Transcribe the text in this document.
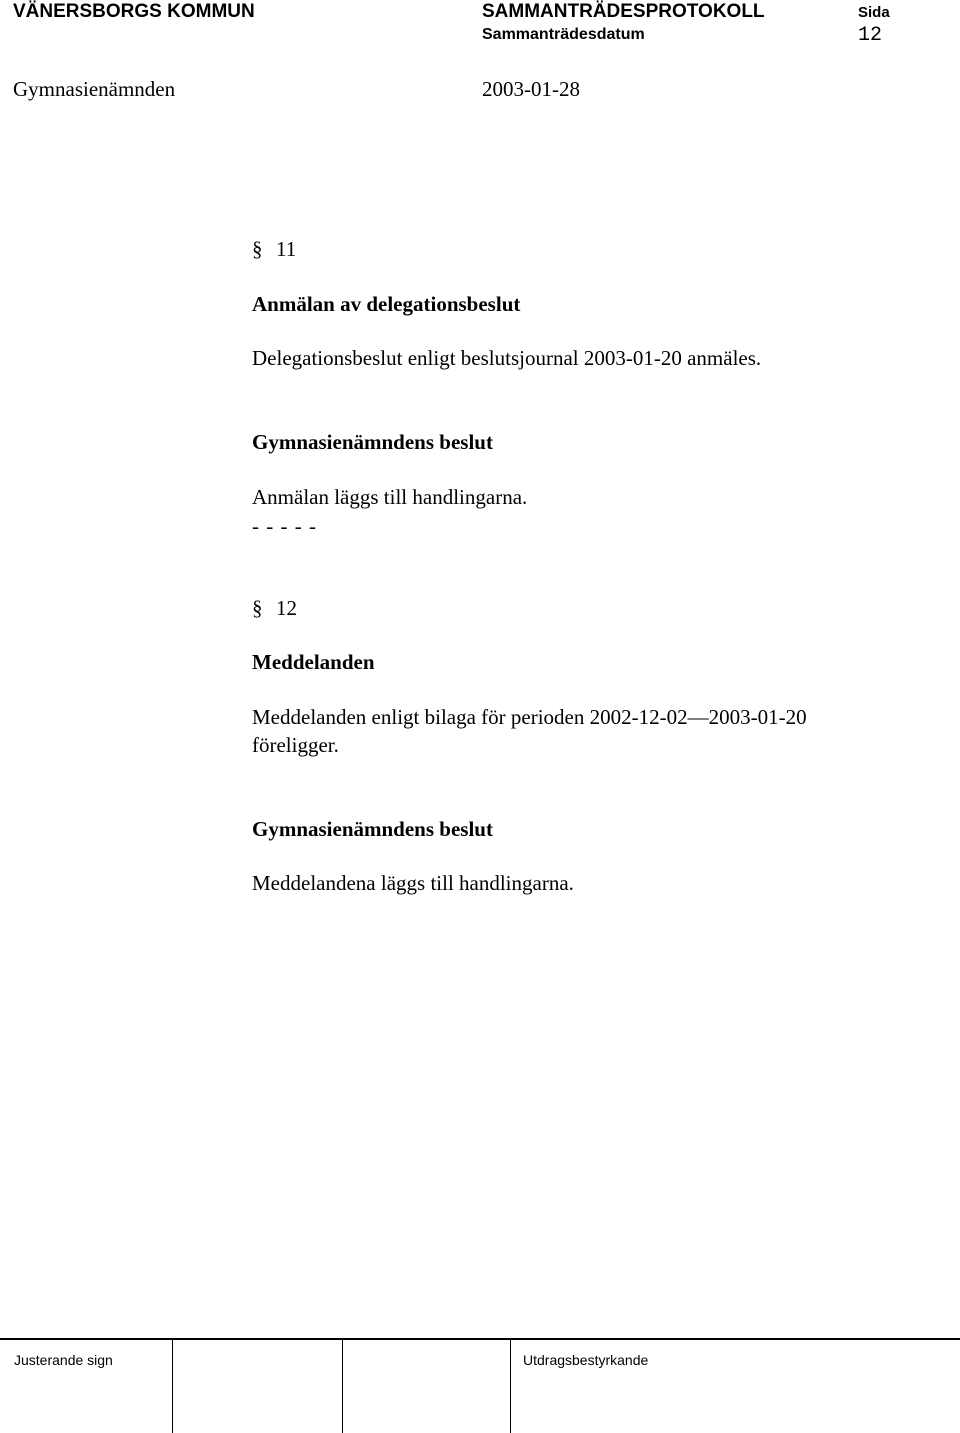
VÄNERSBORGS KOMMUN	SAMMANTRÄDESPROTOKOLL	Sida
Sammanträdesdatum	12
Gymnasienämnden	2003-01-28
§ 11
Anmälan av delegationsbeslut
Delegationsbeslut enligt beslutsjournal 2003-01-20 anmäles.
Gymnasienämndens beslut
Anmälan läggs till handlingarna.
- - - - -
§ 12
Meddelanden
Meddelanden enligt bilaga för perioden 2002-12-02—2003-01-20
föreligger.
Gymnasienämndens beslut
Meddelandena läggs till handlingarna.
Justerande sign	Utdragsbestyrkande
